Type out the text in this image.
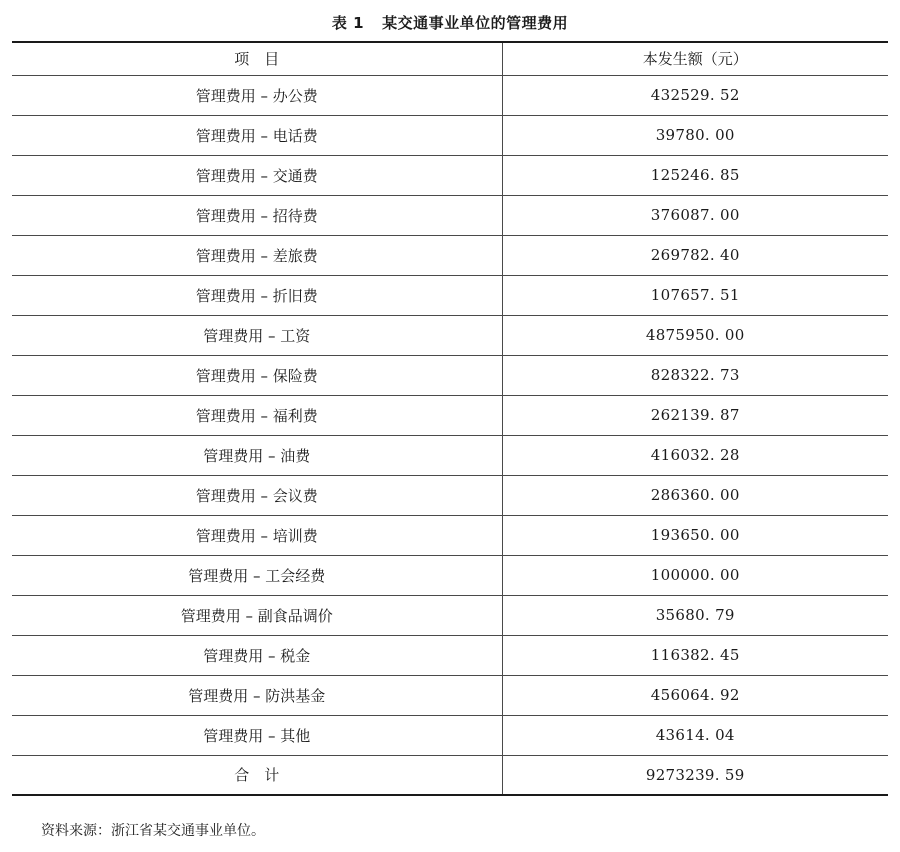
表 1 某交通事业单位的管理费用
项　目	本发生额（元）
管理费用 – 办公费	432529. 52
管理费用 – 电话费	39780. 00
管理费用 – 交通费	125246. 85
管理费用 – 招待费	376087. 00
管理费用 – 差旅费	269782. 40
管理费用 – 折旧费	107657. 51
管理费用 – 工资	4875950. 00
管理费用 – 保险费	828322. 73
管理费用 – 福利费	262139. 87
管理费用 – 油费	416032. 28
管理费用 – 会议费	286360. 00
管理费用 – 培训费	193650. 00
管理费用 – 工会经费	100000. 00
管理费用 – 副食品调价	35680. 79
管理费用 – 税金	116382. 45
管理费用 – 防洪基金	456064. 92
管理费用 – 其他	43614. 04
合　计	9273239. 59
资料来源：浙江省某交通事业单位。
